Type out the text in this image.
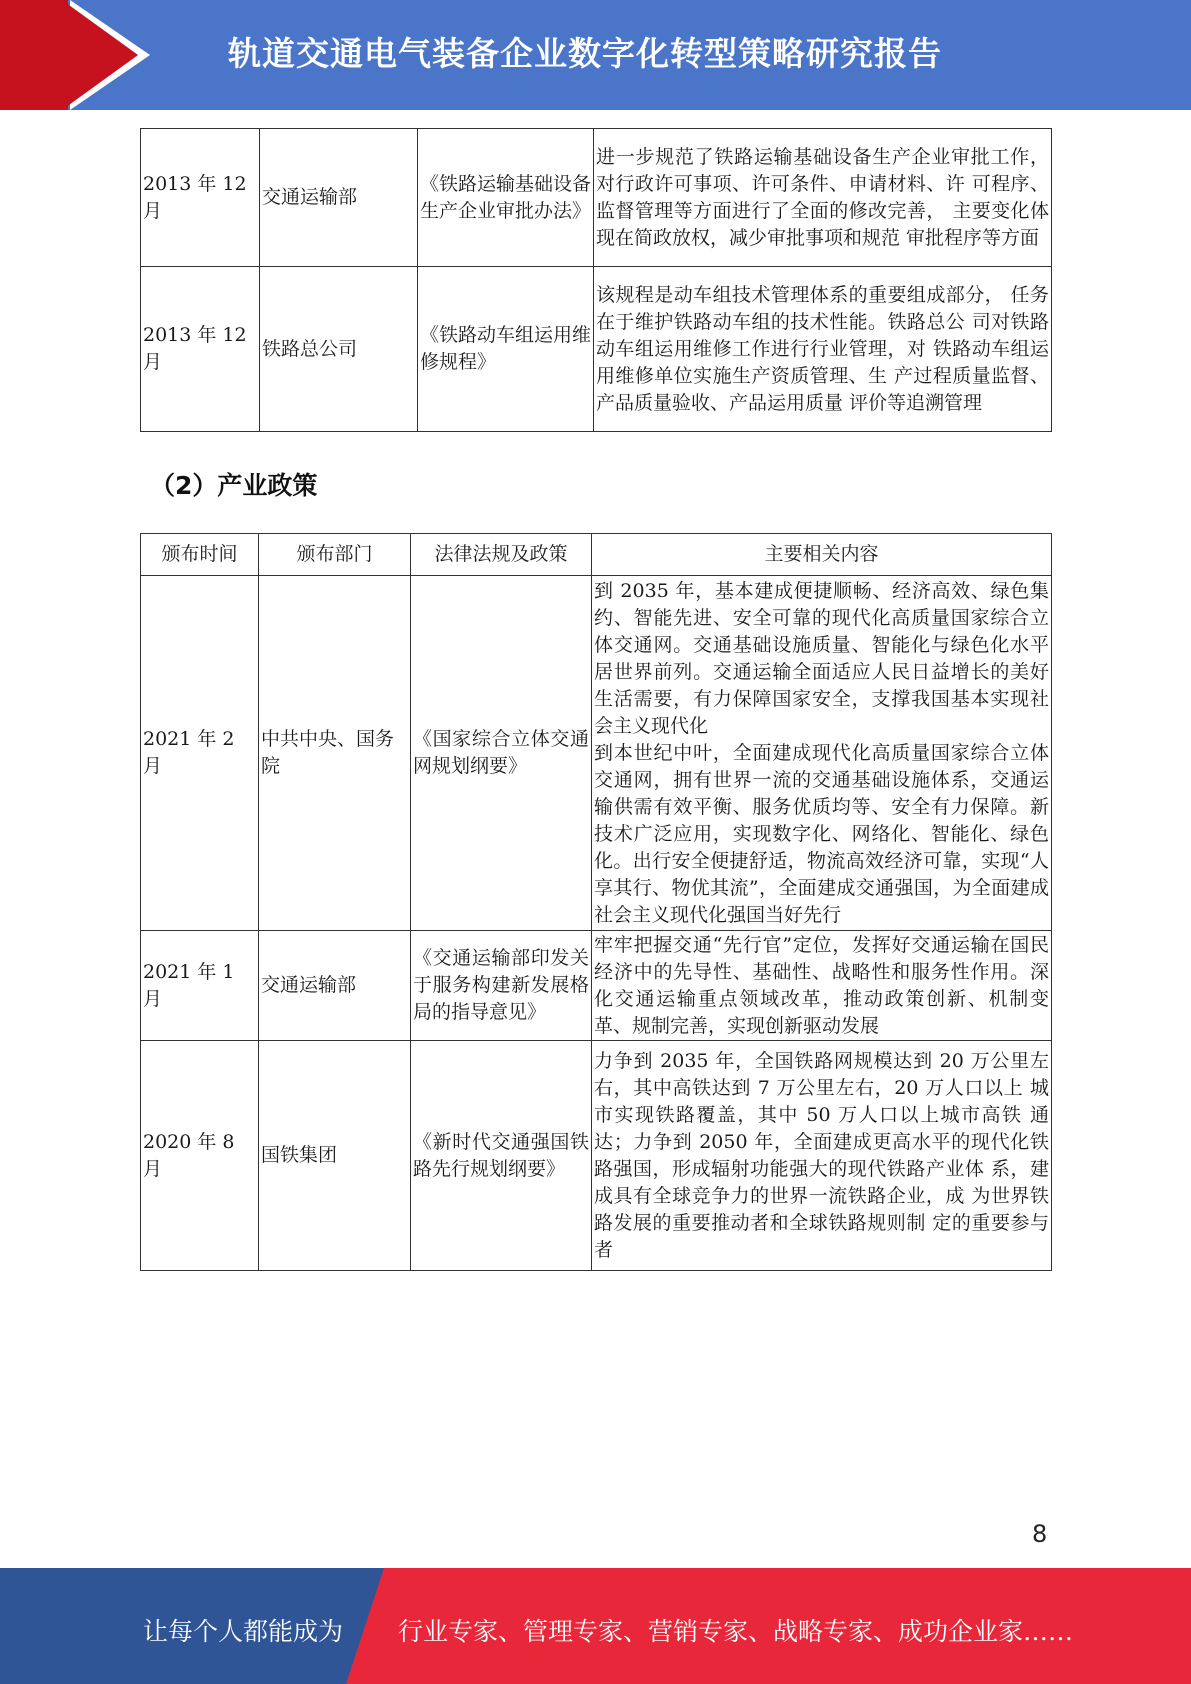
轨道交通电气装备企业数字化转型策略研究报告
2013 年 12 月	交通运输部	《铁路运输基础设备生产企业审批办法》	进一步规范了铁路运输基础设备生产企业审批工作，对行政许可事项、许可条件、申请材料、许 可程序、监督管理等方面进行了全面的修改完善， 主要变化体现在简政放权，减少审批事项和规范 审批程序等方面
2013 年 12 月	铁路总公司	《铁路动车组运用维修规程》	该规程是动车组技术管理体系的重要组成部分， 任务在于维护铁路动车组的技术性能。铁路总公 司对铁路动车组运用维修工作进行行业管理，对 铁路动车组运用维修单位实施生产资质管理、生 产过程质量监督、产品质量验收、产品运用质量 评价等追溯管理
（2）产业政策
颁布时间	颁布部门	法律法规及政策	主要相关内容
2021 年 2 月	中共中央、国务院	《国家综合立体交通网规划纲要》	到 2035 年，基本建成便捷顺畅、经济高效、绿色集约、智能先进、安全可靠的现代化高质量国家综合立体交通网。交通基础设施质量、智能化与绿色化水平居世界前列。交通运输全面适应人民日益增长的美好生活需要，有力保障国家安全，支撑我国基本实现社会主义现代化
到本世纪中叶，全面建成现代化高质量国家综合立体交通网，拥有世界一流的交通基础设施体系，交通运输供需有效平衡、服务优质均等、安全有力保障。新技术广泛应用，实现数字化、网络化、智能化、绿色化。出行安全便捷舒适，物流高效经济可靠，实现“人享其行、物优其流”，全面建成交通强国，为全面建成社会主义现代化强国当好先行

2021 年 1 月	交通运输部	《交通运输部印发关于服务构建新发展格局的指导意见》	牢牢把握交通“先行官”定位，发挥好交通运输在国民经济中的先导性、基础性、战略性和服务性作用。深化交通运输重点领域改革，推动政策创新、机制变革、规制完善，实现创新驱动发展
2020 年 8 月	国铁集团	《新时代交通强国铁路先行规划纲要》	力争到 2035 年，全国铁路网规模达到 20 万公里左右，其中高铁达到 7 万公里左右，20 万人口以上 城市实现铁路覆盖，其中 50 万人口以上城市高铁 通达；力争到 2050 年，全面建成更高水平的现代化铁路强国，形成辐射功能强大的现代铁路产业体 系，建成具有全球竞争力的世界一流铁路企业，成 为世界铁路发展的重要推动者和全球铁路规则制 定的重要参与者
8
让每个人都能成为 行业专家、管理专家、营销专家、战略专家、成功企业家……
